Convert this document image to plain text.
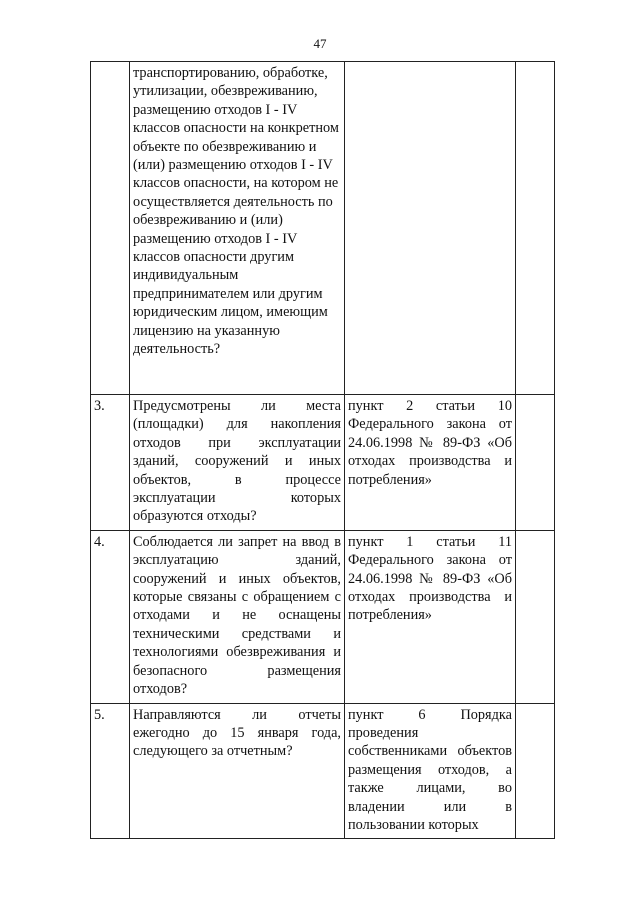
47
	транспортированию, обработке, утилизации, обезвреживанию, размещению отходов I - IV классов опасности на конкретном объекте по обезвреживанию и (или) размещению отходов I - IV классов опасности, на котором не осуществляется деятельность по обезвреживанию и (или) размещению отходов I - IV классов опасности другим индивидуальным предпринимателем или другим юридическим лицом, имеющим лицензию на указанную деятельность?		
3.	Предусмотрены ли места (площадки) для накопления отходов при эксплуатации зданий, сооружений и иных объектов, в процессе эксплуатации которых образуются отходы?	пункт 2 статьи 10 Федерального закона от 24.06.1998 № 89-ФЗ «Об отходах производства и потребления»	
4.	Соблюдается ли запрет на ввод в эксплуатацию зданий, сооружений и иных объектов, которые связаны с обращением с отходами и не оснащены техническими средствами и технологиями обезвреживания и безопасного размещения отходов?	пункт 1 статьи 11 Федерального закона от 24.06.1998 № 89-ФЗ «Об отходах производства и потребления»	
5.	Направляются ли отчеты ежегодно до 15 января года, следующего за отчетным?	пункт 6 Порядка проведения собственниками объектов размещения отходов, а также лицами, во владении или в пользовании которых	
